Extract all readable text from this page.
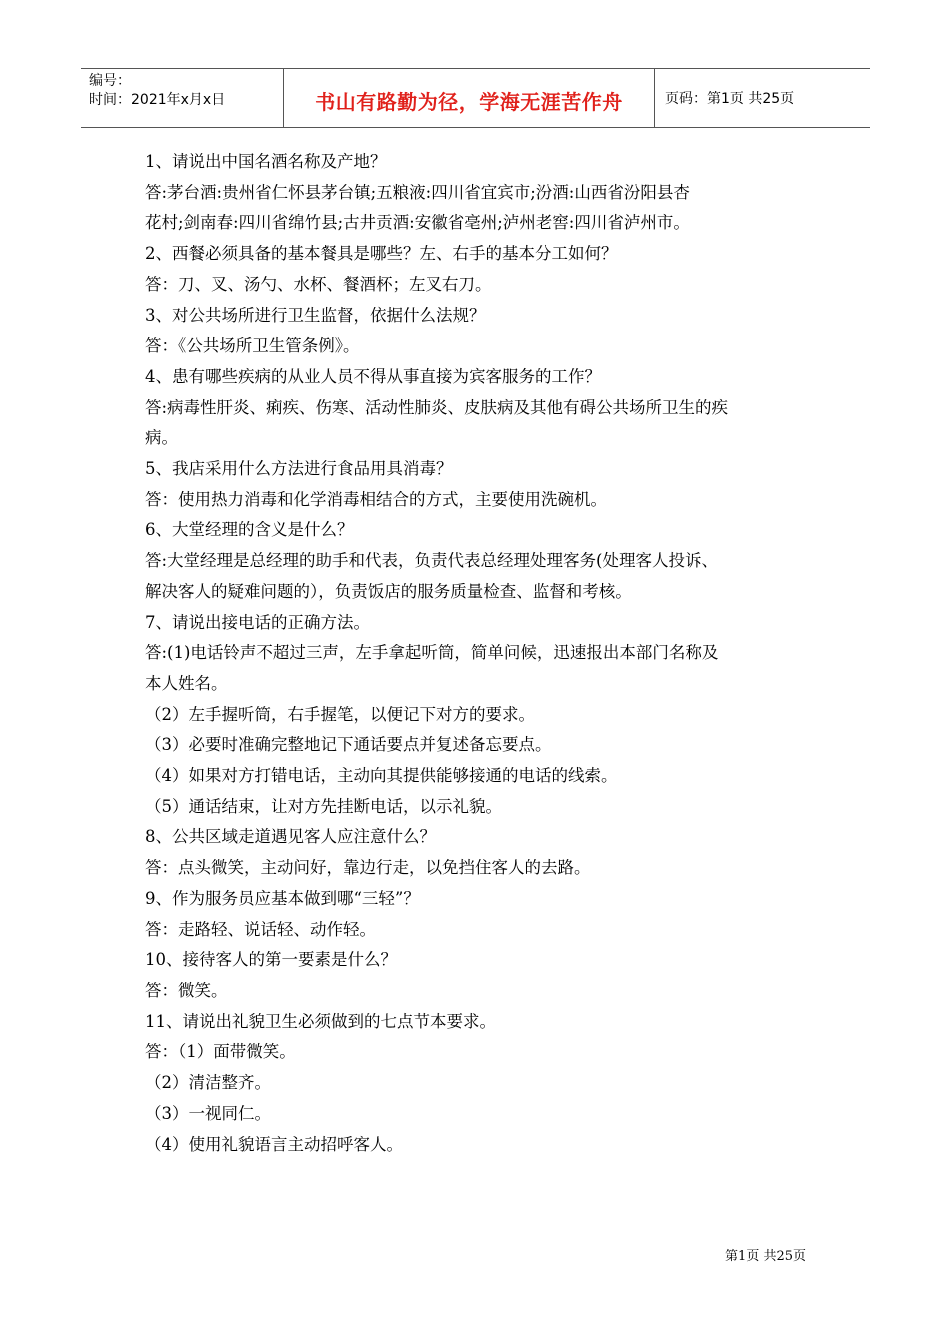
编号：
时间：2021年x月x日	书山有路勤为径，学海无涯苦作舟	页码：第1页 共25页

1、请说出中国名酒名称及产地？

答:茅台酒:贵州省仁怀县茅台镇;五粮液:四川省宜宾市;汾酒:山西省汾阳县杏

花村;剑南春:四川省绵竹县;古井贡酒:安徽省亳州;泸州老窖:四川省泸州市。

2、西餐必须具备的基本餐具是哪些？左、右手的基本分工如何？

答：刀、叉、汤勺、水杯、餐酒杯；左叉右刀。

3、对公共场所进行卫生监督，依据什么法规？

答：《公共场所卫生管条例》。

4、患有哪些疾病的从业人员不得从事直接为宾客服务的工作？

答:病毒性肝炎、痢疾、伤寒、活动性肺炎、皮肤病及其他有碍公共场所卫生的疾

病。

5、我店采用什么方法进行食品用具消毒？

答：使用热力消毒和化学消毒相结合的方式，主要使用洗碗机。

6、大堂经理的含义是什么？

答:大堂经理是总经理的助手和代表，负责代表总经理处理客务(处理客人投诉、

解决客人的疑难问题的），负责饭店的服务质量检查、监督和考核。

7、请说出接电话的正确方法。

答:(1)电话铃声不超过三声，左手拿起听筒，简单问候，迅速报出本部门名称及

本人姓名。

（2）左手握听筒，右手握笔，以便记下对方的要求。

（3）必要时准确完整地记下通话要点并复述备忘要点。

（4）如果对方打错电话，主动向其提供能够接通的电话的线索。

（5）通话结束，让对方先挂断电话，以示礼貌。

8、公共区域走道遇见客人应注意什么？

答：点头微笑，主动问好，靠边行走，以免挡住客人的去路。

9、作为服务员应基本做到哪“三轻”？

答：走路轻、说话轻、动作轻。

10、接待客人的第一要素是什么？

答：微笑。

11、请说出礼貌卫生必须做到的七点节本要求。

答：（1）面带微笑。

（2）清洁整齐。

（3）一视同仁。

（4）使用礼貌语言主动招呼客人。

第1页 共25页
